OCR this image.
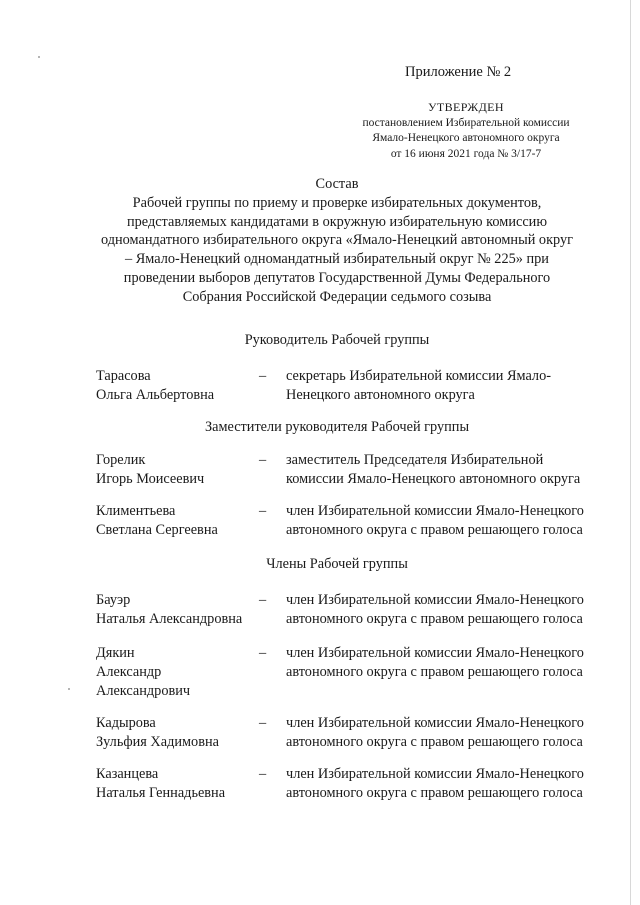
Приложение № 2
УТВЕРЖДЕН
постановлением Избирательной комиссии
Ямало-Ненецкого автономного округа
от 16 июня 2021 года № 3/17-7
Состав
Рабочей группы по приему и проверке избирательных документов,
представляемых кандидатами в окружную избирательную комиссию
одномандатного избирательного округа «Ямало-Ненецкий автономный округ
– Ямало-Ненецкий одномандатный избирательный округ № 225» при
проведении выборов депутатов Государственной Думы Федерального
Собрания Российской Федерации седьмого созыва
Руководитель Рабочей группы
Тарасова
Ольга Альбертовна
– секретарь Избирательной комиссии Ямало-
Ненецкого автономного округа
Заместители руководителя Рабочей группы
Горелик
Игорь Моисеевич
– заместитель Председателя Избирательной
комиссии Ямало-Ненецкого автономного округа
Климентьева
Светлана Сергеевна
– член Избирательной комиссии Ямало-Ненецкого
автономного округа с правом решающего голоса
Члены Рабочей группы
Бауэр
Наталья Александровна
– член Избирательной комиссии Ямало-Ненецкого
автономного округа с правом решающего голоса
Дякин
Александр
Александрович
– член Избирательной комиссии Ямало-Ненецкого
автономного округа с правом решающего голоса
Кадырова
Зульфия Хадимовна
– член Избирательной комиссии Ямало-Ненецкого
автономного округа с правом решающего голоса
Казанцева
Наталья Геннадьевна
– член Избирательной комиссии Ямало-Ненецкого
автономного округа с правом решающего голоса
